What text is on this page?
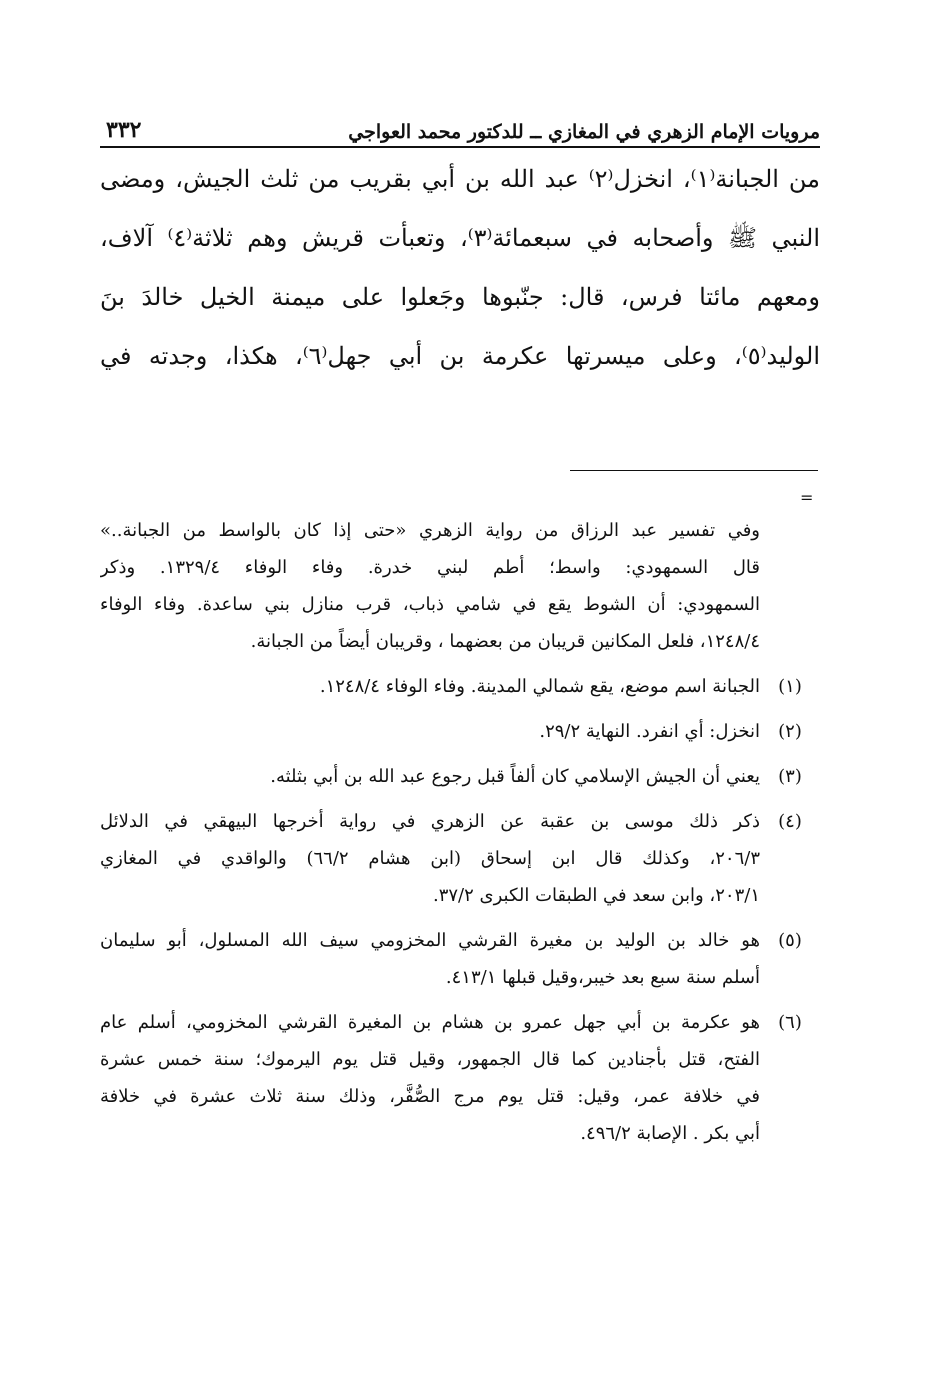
مرويات الإمام الزهري في المغازي ــ للدكتور محمد العواجي
٣٣٢
من الجبانة⁽١⁾، انخزل⁽٢⁾ عبد الله بن أبي بقريب من ثلث الجيش، ومضى
النبي ﷺ وأصحابه في سبعمائة⁽٣⁾، وتعبأت قريش وهم ثلاثة⁽٤⁾ آلاف،
ومعهم مائتا فرس، قال: جنّبوها وجَعلوا على ميمنة الخيل خالدَ بنَ
الوليد⁽٥⁾، وعلى ميسرتها عكرمة بن أبي جهل⁽٦⁾، هكذا، وجدته في
=
وفي تفسير عبد الرزاق من رواية الزهري «حتى إذا كان بالواسط من الجبانة..»
قال السمهودي: واسط؛ أطم لبني خدرة. وفاء الوفاء ١٣٢٩/٤. وذكر
السمهودي: أن الشوط يقع في شامي ذباب، قرب منازل بني ساعدة. وفاء الوفاء
١٢٤٨/٤، فلعل المكانين قريبان من بعضهما ، وقريبان أيضاً من الجبانة.
(١)
الجبانة اسم موضع، يقع شمالي المدينة. وفاء الوفاء ١٢٤٨/٤.
(٢)
انخزل: أي انفرد. النهاية ٢٩/٢.
(٣)
يعني أن الجيش الإسلامي كان ألفاً قبل رجوع عبد الله بن أبي بثلثه.
(٤)
ذكر ذلك موسى بن عقبة عن الزهري في رواية أخرجها البيهقي في الدلائل
٢٠٦/٣، وكذلك قال ابن إسحاق (ابن هشام ٦٦/٢) والواقدي في المغازي
٢٠٣/١، وابن سعد في الطبقات الكبرى ٣٧/٢.
(٥)
هو خالد بن الوليد بن مغيرة القرشي المخزومي سيف الله المسلول، أبو سليمان
أسلم سنة سبع بعد خيبر،وقيل قبلها ٤١٣/١.
(٦)
هو عكرمة بن أبي جهل عمرو بن هشام بن المغيرة القرشي المخزومي، أسلم عام
الفتح، قتل بأجنادين كما قال الجمهور، وقيل قتل يوم اليرموك؛ سنة خمس عشرة
في خلافة عمر، وقيل: قتل يوم مرج الصُّفَّر، وذلك سنة ثلاث عشرة في خلافة
أبي بكر . الإصابة ٤٩٦/٢.
